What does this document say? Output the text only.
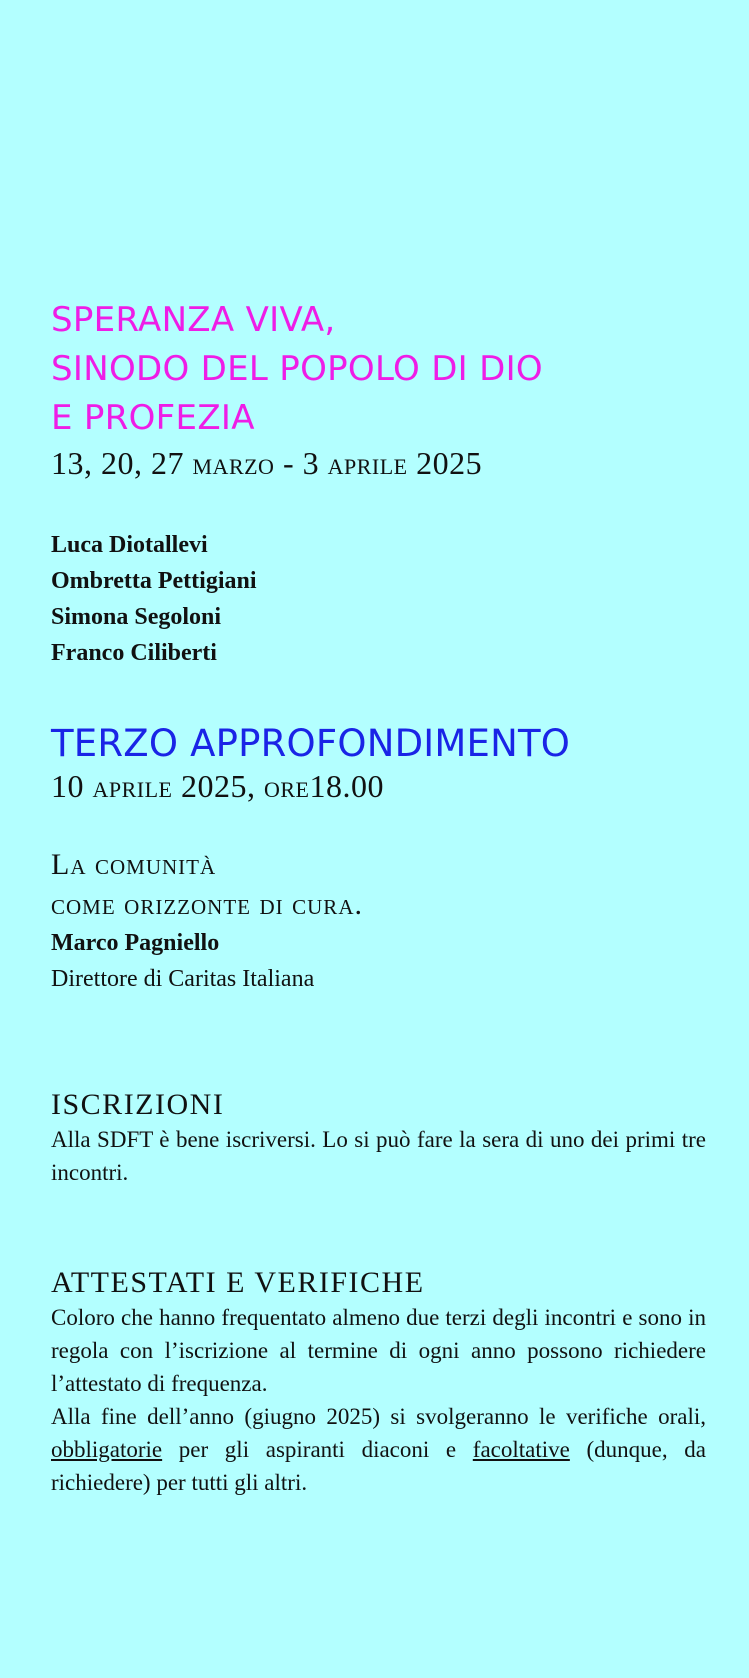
SPERANZA VIVA,
SINODO DEL POPOLO DI DIO
E PROFEZIA
13, 20, 27 marzo - 3 aprile 2025
Luca Diotallevi
Ombretta Pettigiani
Simona Segoloni
Franco Ciliberti
TERZO APPROFONDIMENTO
10 aprile 2025, ore18.00
La comunità
come orizzonte di cura.
Marco Pagniello
Direttore di Caritas Italiana
ISCRIZIONI

Alla SDFT è bene iscriversi. Lo si può fare la sera di uno dei primi tre incontri.

ATTESTATI E VERIFICHE

Coloro che hanno frequentato almeno due terzi degli incontri e sono in regola con l’iscrizione al termine di ogni anno possono richiedere l’attestato di frequenza.

Alla fine dell’anno (giugno 2025) si svolgeranno le verifiche orali, obbligatorie per gli aspiranti diaconi e facoltative (dunque, da richiedere) per tutti gli altri.
